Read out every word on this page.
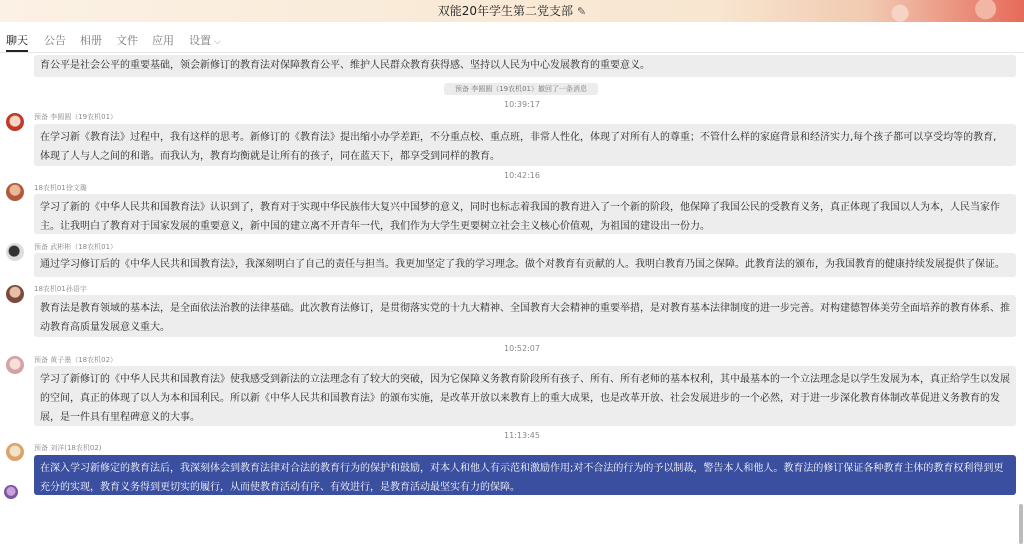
双能20年学生第二党支部 ✎
聊天 公告 相册 文件 应用 设置 ⌵
育公平是社会公平的重要基础，领会新修订的教育法对保障教育公平、维护人民群众教育获得感、坚持以人民为中心发展教育的重要意义。
预备 李圆圆（19农机01）撤回了一条消息
10:39:17
预备 李圆圆（19农机01）
在学习新《教育法》过程中，我有这样的思考。新修订的《教育法》提出缩小办学差距，不分重点校、重点班，非常人性化，体现了对所有人的尊重；不管什么样的家庭背景和经济实力,每个孩子都可以享受均等的教育,
体现了人与人之间的和谐。而我认为，教育均衡就是让所有的孩子，同在蓝天下，都享受到同样的教育。
10:42:16
18农机01徐文璐
学习了新的《中华人民共和国教育法》认识到了，教育对于实现中华民族伟大复兴中国梦的意义，同时也标志着我国的教育进入了一个新的阶段，他保障了我国公民的受教育义务，真正体现了我国以人为本，人民当家作
主。让我明白了教育对于国家发展的重要意义，新中国的建立离不开青年一代，我们作为大学生更要树立社会主义核心价值观，为祖国的建设出一份力。
预备 武彬彬（18农机01）
通过学习修订后的《中华人民共和国教育法》，我深刻明白了自己的责任与担当。我更加坚定了我的学习理念。做个对教育有贡献的人。我明白教育乃国之保障。此教育法的颁布，为我国教育的健康持续发展提供了保证。
18农机01孙语宇
教育法是教育领域的基本法，是全面依法治教的法律基础。此次教育法修订，是贯彻落实党的十九大精神、全国教育大会精神的重要举措，是对教育基本法律制度的进一步完善。对构建德智体美劳全面培养的教育体系、推
动教育高质量发展意义重大。
10:52:07
预备 黄子墨（18农机02）
学习了新修订的《中华人民共和国教育法》使我感受到新法的立法理念有了较大的突破，因为它保障义务教育阶段所有孩子、所有、所有老师的基本权利，其中最基本的一个立法理念是以学生发展为本，真正给学生以发展
的空间，真正的体现了以人为本和国利民。所以新《中华人民共和国教育法》的颁布实施，是改革开放以来教育上的重大成果，也是改革开放、社会发展进步的一个必然，对于进一步深化教育体制改革促进义务教育的发
展，是一件具有里程碑意义的大事。
11:13:45
预备 刘洋(18农机02)
在深入学习新修定的教育法后，我深刻体会到教育法律对合法的教育行为的保护和鼓励，对本人和他人有示范和激励作用;对不合法的行为的予以制裁，警告本人和他人。教育法的修订保证各种教育主体的教育权利得到更
充分的实现，教育义务得到更切实的履行，从而使教育活动有序、有效进行，是教育活动最坚实有力的保障。
